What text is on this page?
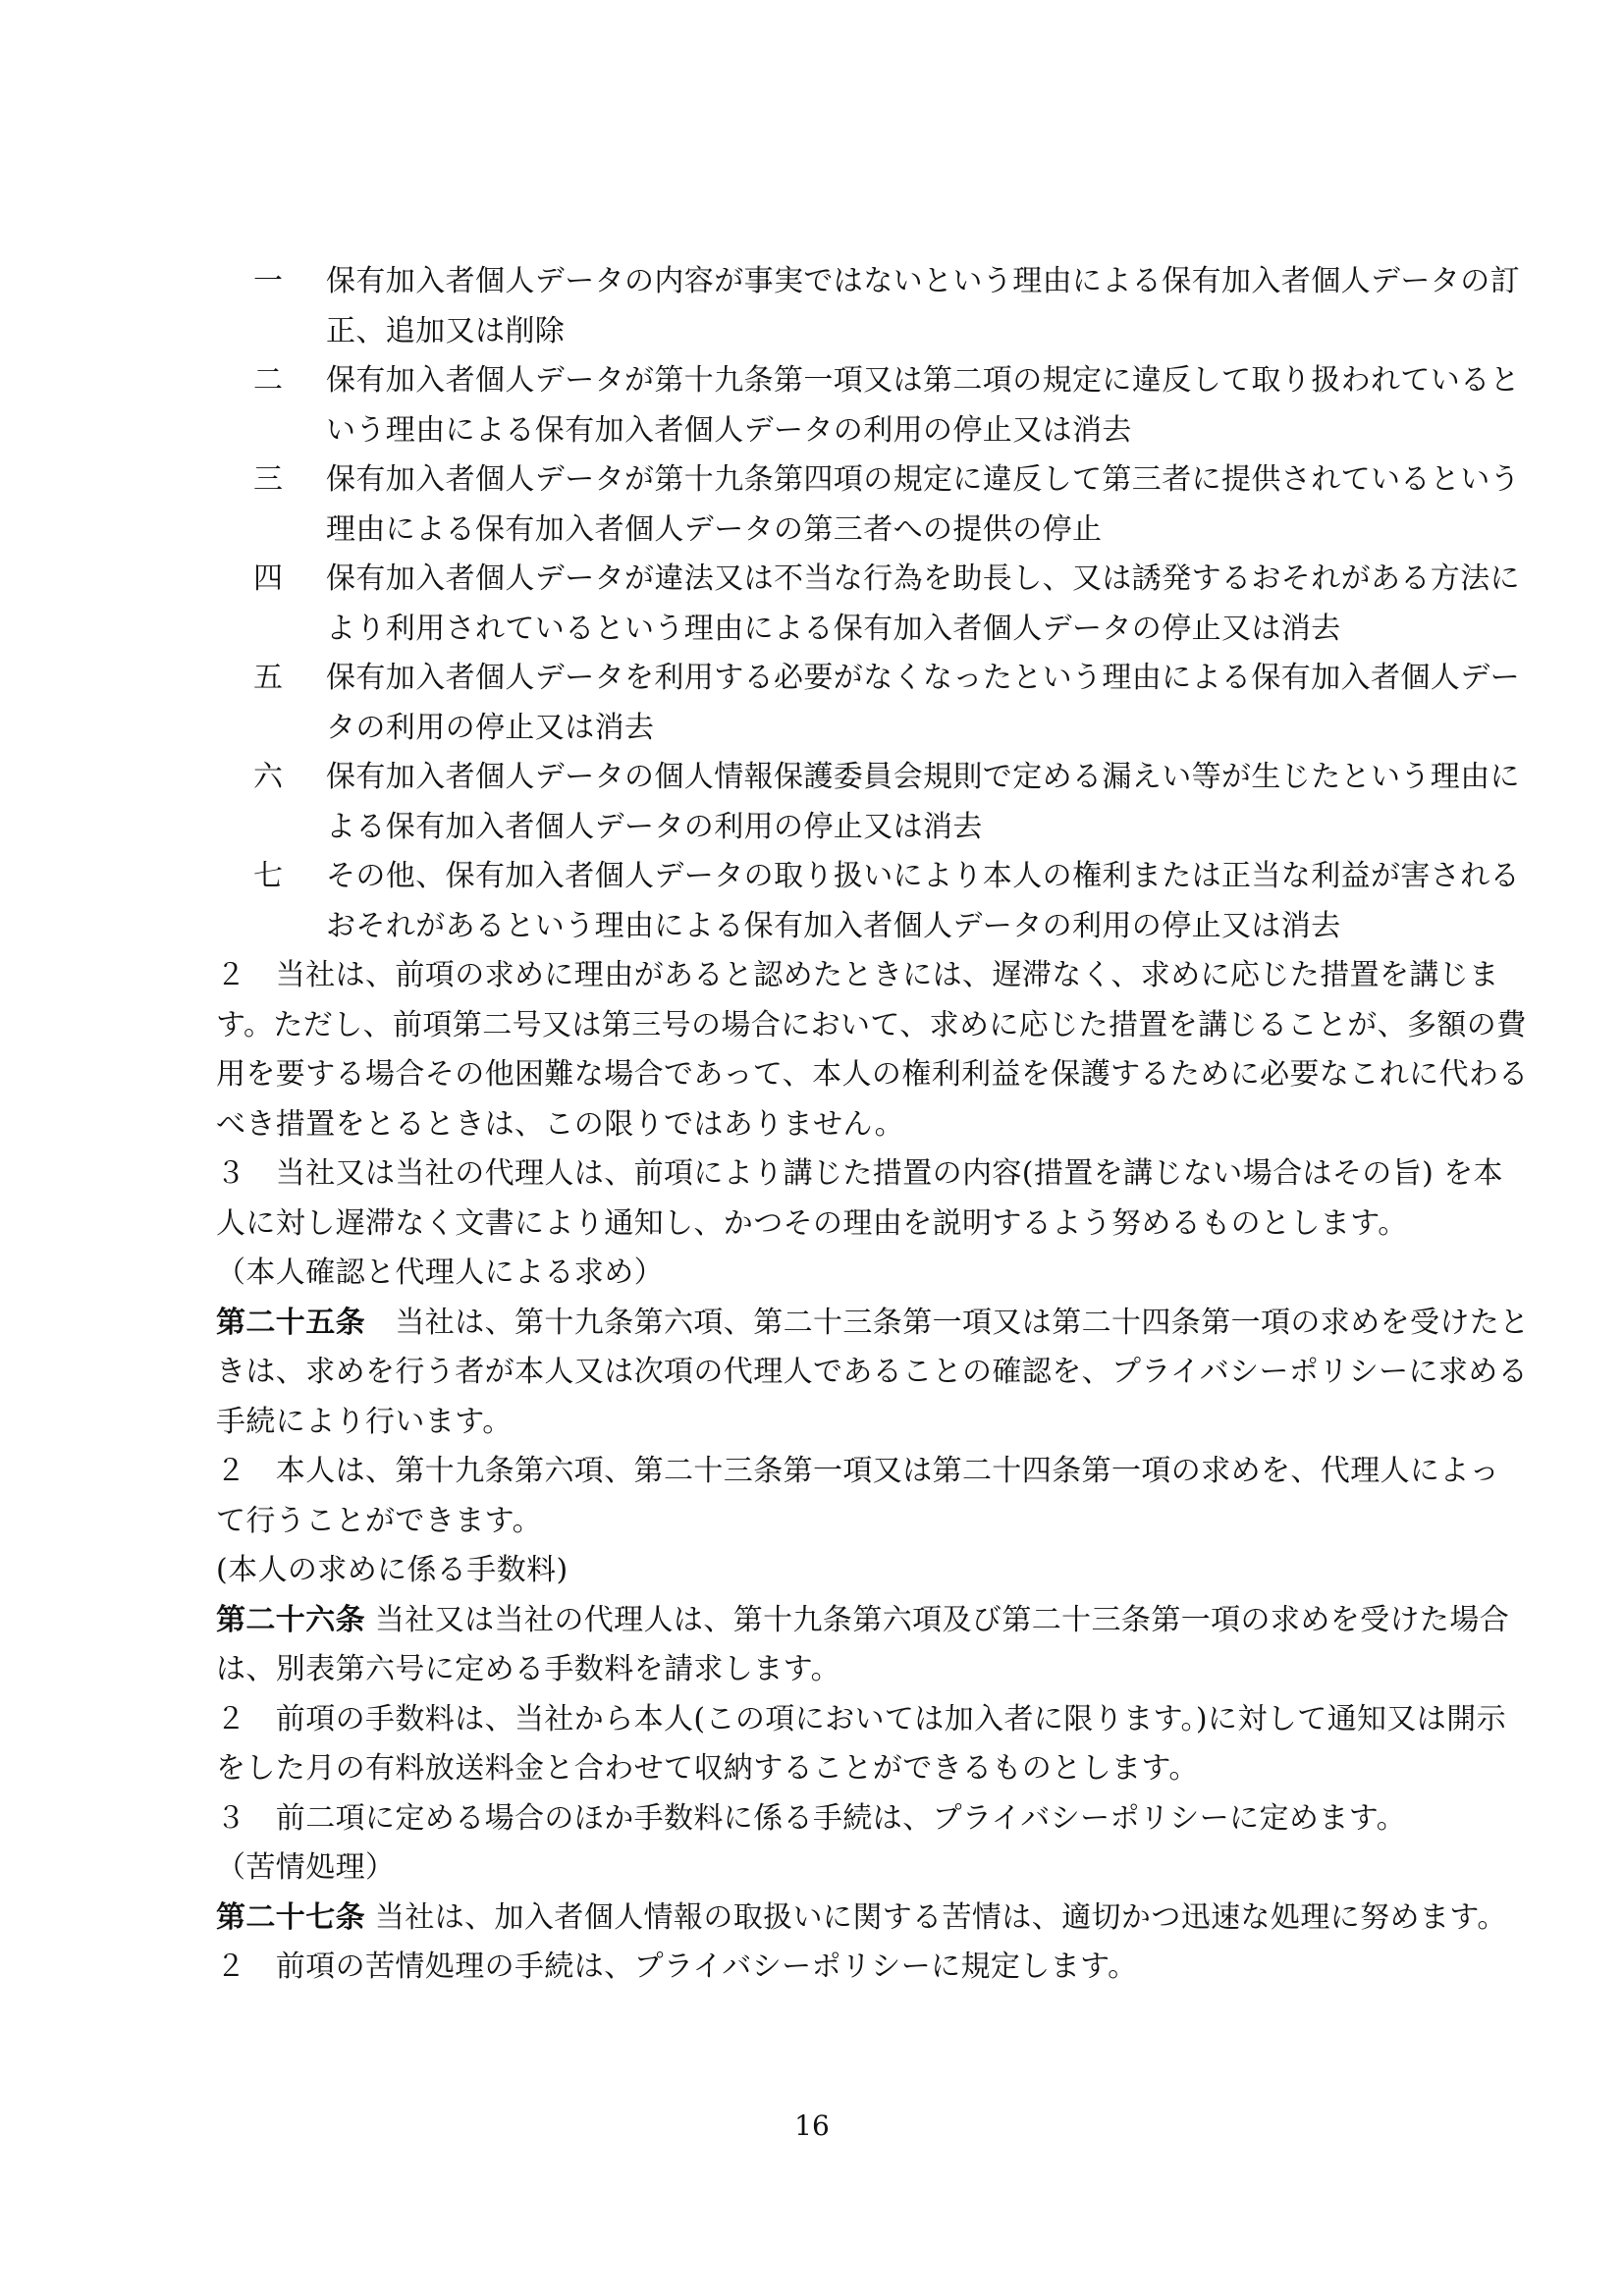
一 保有加入者個人データの内容が事実ではないという理由による保有加入者個人データの訂
正、追加又は削除
二 保有加入者個人データが第十九条第一項又は第二項の規定に違反して取り扱われていると
いう理由による保有加入者個人データの利用の停止又は消去
三 保有加入者個人データが第十九条第四項の規定に違反して第三者に提供されているという
理由による保有加入者個人データの第三者への提供の停止
四 保有加入者個人データが違法又は不当な行為を助長し、又は誘発するおそれがある方法に
より利用されているという理由による保有加入者個人データの停止又は消去
五 保有加入者個人データを利用する必要がなくなったという理由による保有加入者個人デー
タの利用の停止又は消去
六 保有加入者個人データの個人情報保護委員会規則で定める漏えい等が生じたという理由に
よる保有加入者個人データの利用の停止又は消去
七 その他、保有加入者個人データの取り扱いにより本人の権利または正当な利益が害される
おそれがあるという理由による保有加入者個人データの利用の停止又は消去
２　当社は、前項の求めに理由があると認めたときには、遅滞なく、求めに応じた措置を講じま
す。ただし、前項第二号又は第三号の場合において、求めに応じた措置を講じることが、多額の費
用を要する場合その他困難な場合であって、本人の権利利益を保護するために必要なこれに代わる
べき措置をとるときは、この限りではありません。
３　当社又は当社の代理人は、前項により講じた措置の内容(措置を講じない場合はその旨) を本
人に対し遅滞なく文書により通知し、かつその理由を説明するよう努めるものとします。
（本人確認と代理人による求め）
第二十五条　当社は、第十九条第六項、第二十三条第一項又は第二十四条第一項の求めを受けたと
きは、求めを行う者が本人又は次項の代理人であることの確認を、プライバシーポリシーに求める
手続により行います。
２　本人は、第十九条第六項、第二十三条第一項又は第二十四条第一項の求めを、代理人によっ
て行うことができます。
(本人の求めに係る手数料)
第二十六条 当社又は当社の代理人は、第十九条第六項及び第二十三条第一項の求めを受けた場合
は、別表第六号に定める手数料を請求します。
２　前項の手数料は、当社から本人(この項においては加入者に限ります。)に対して通知又は開示
をした月の有料放送料金と合わせて収納することができるものとします。
３　前二項に定める場合のほか手数料に係る手続は、プライバシーポリシーに定めます。
（苦情処理）
第二十七条 当社は、加入者個人情報の取扱いに関する苦情は、適切かつ迅速な処理に努めます。
２　前項の苦情処理の手続は、プライバシーポリシーに規定します。
16
